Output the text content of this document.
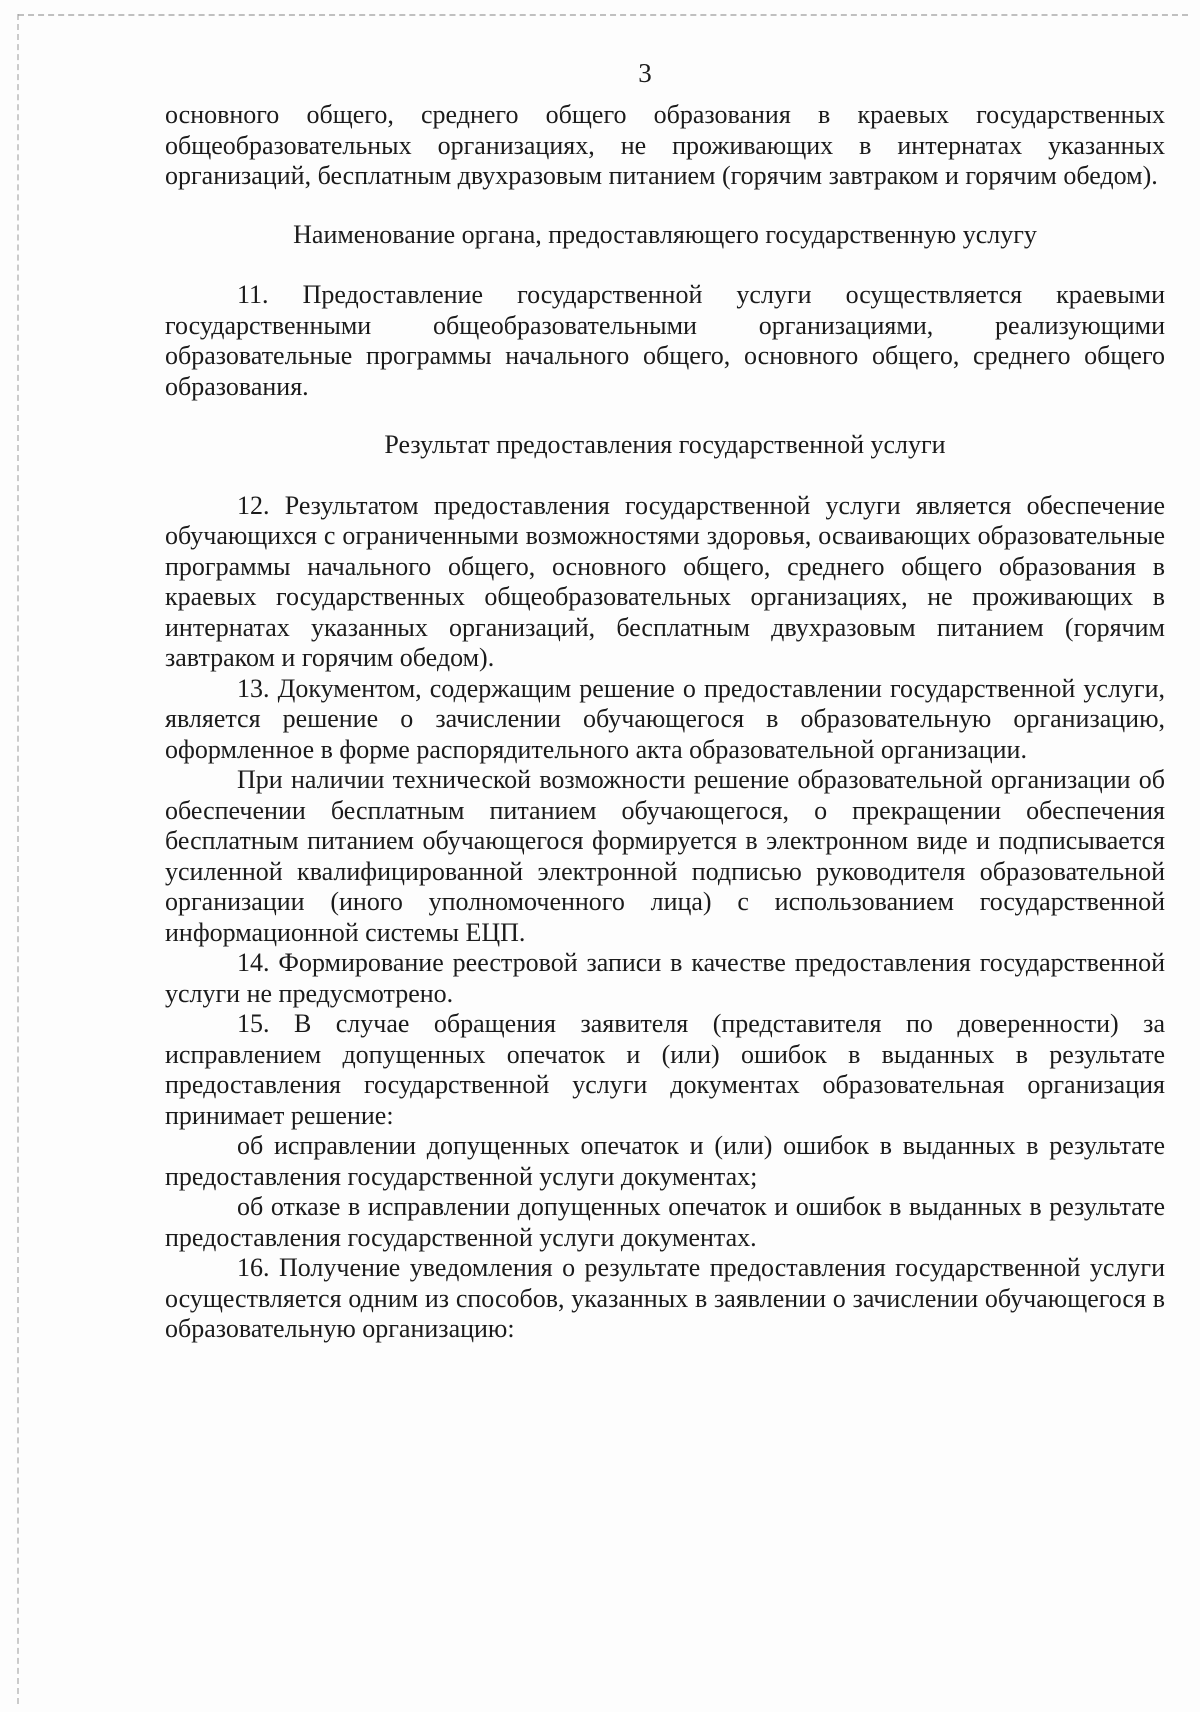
3

основного общего, среднего общего образования в краевых государственных общеобразовательных организациях, не проживающих в интернатах указанных организаций, бесплатным двухразовым питанием (горячим завтраком и горячим обедом).

Наименование органа, предоставляющего государственную услугу

11. Предоставление государственной услуги осуществляется краевыми государственными общеобразовательными организациями, реализующими образовательные программы начального общего, основного общего, среднего общего образования.

Результат предоставления государственной услуги

12. Результатом предоставления государственной услуги является обеспечение обучающихся с ограниченными возможностями здоровья, осваивающих образовательные программы начального общего, основного общего, среднего общего образования в краевых государственных общеобразовательных организациях, не проживающих в интернатах указанных организаций, бесплатным двухразовым питанием (горячим завтраком и горячим обедом).

13. Документом, содержащим решение о предоставлении государственной услуги, является решение о зачислении обучающегося в образовательную организацию, оформленное в форме распорядительного акта образовательной организации.

При наличии технической возможности решение образовательной организации об обеспечении бесплатным питанием обучающегося, о прекращении обеспечения бесплатным питанием обучающегося формируется в электронном виде и подписывается усиленной квалифицированной электронной подписью руководителя образовательной организации (иного уполномоченного лица) с использованием государственной информационной системы ЕЦП.

14. Формирование реестровой записи в качестве предоставления государственной услуги не предусмотрено.

15. В случае обращения заявителя (представителя по доверенности) за исправлением допущенных опечаток и (или) ошибок в выданных в результате предоставления государственной услуги документах образовательная организация принимает решение:

об исправлении допущенных опечаток и (или) ошибок в выданных в результате предоставления государственной услуги документах;

об отказе в исправлении допущенных опечаток и ошибок в выданных в результате предоставления государственной услуги документах.

16. Получение уведомления о результате предоставления государственной услуги осуществляется одним из способов, указанных в заявлении о зачислении обучающегося в образовательную организацию:
